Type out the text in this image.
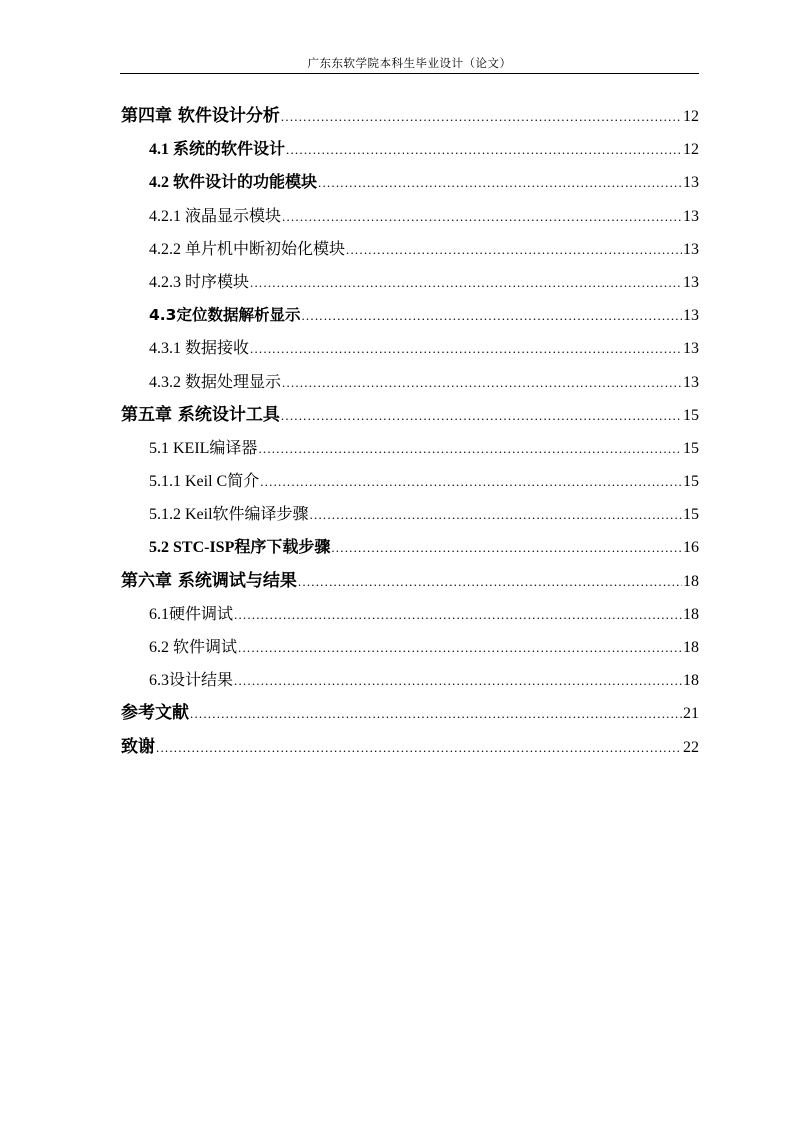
广东东软学院本科生毕业设计（论文）
第四章 软件设计分析 .....	12
4.1 系统的软件设计 .....	12
4.2 软件设计的功能模块 .....	13
4.2.1 液晶显示模块 .....	13
4.2.2 单片机中断初始化模块 .....	13
4.2.3 时序模块 .....	13
4.3定位数据解析显示 .....	13
4.3.1 数据接收 .....	13
4.3.2 数据处理显示 .....	13
第五章 系统设计工具 .....	15
5.1 KEIL编译器 .....	15
5.1.1 Keil C简介 .....	15
5.1.2 Keil软件编译步骤 .....	15
5.2 STC-ISP程序下载步骤 .....	16
第六章 系统调试与结果 .....	18
6.1硬件调试 .....	18
6.2 软件调试 .....	18
6.3设计结果 .....	18
参考文献 .....	21
致谢 .....	22
